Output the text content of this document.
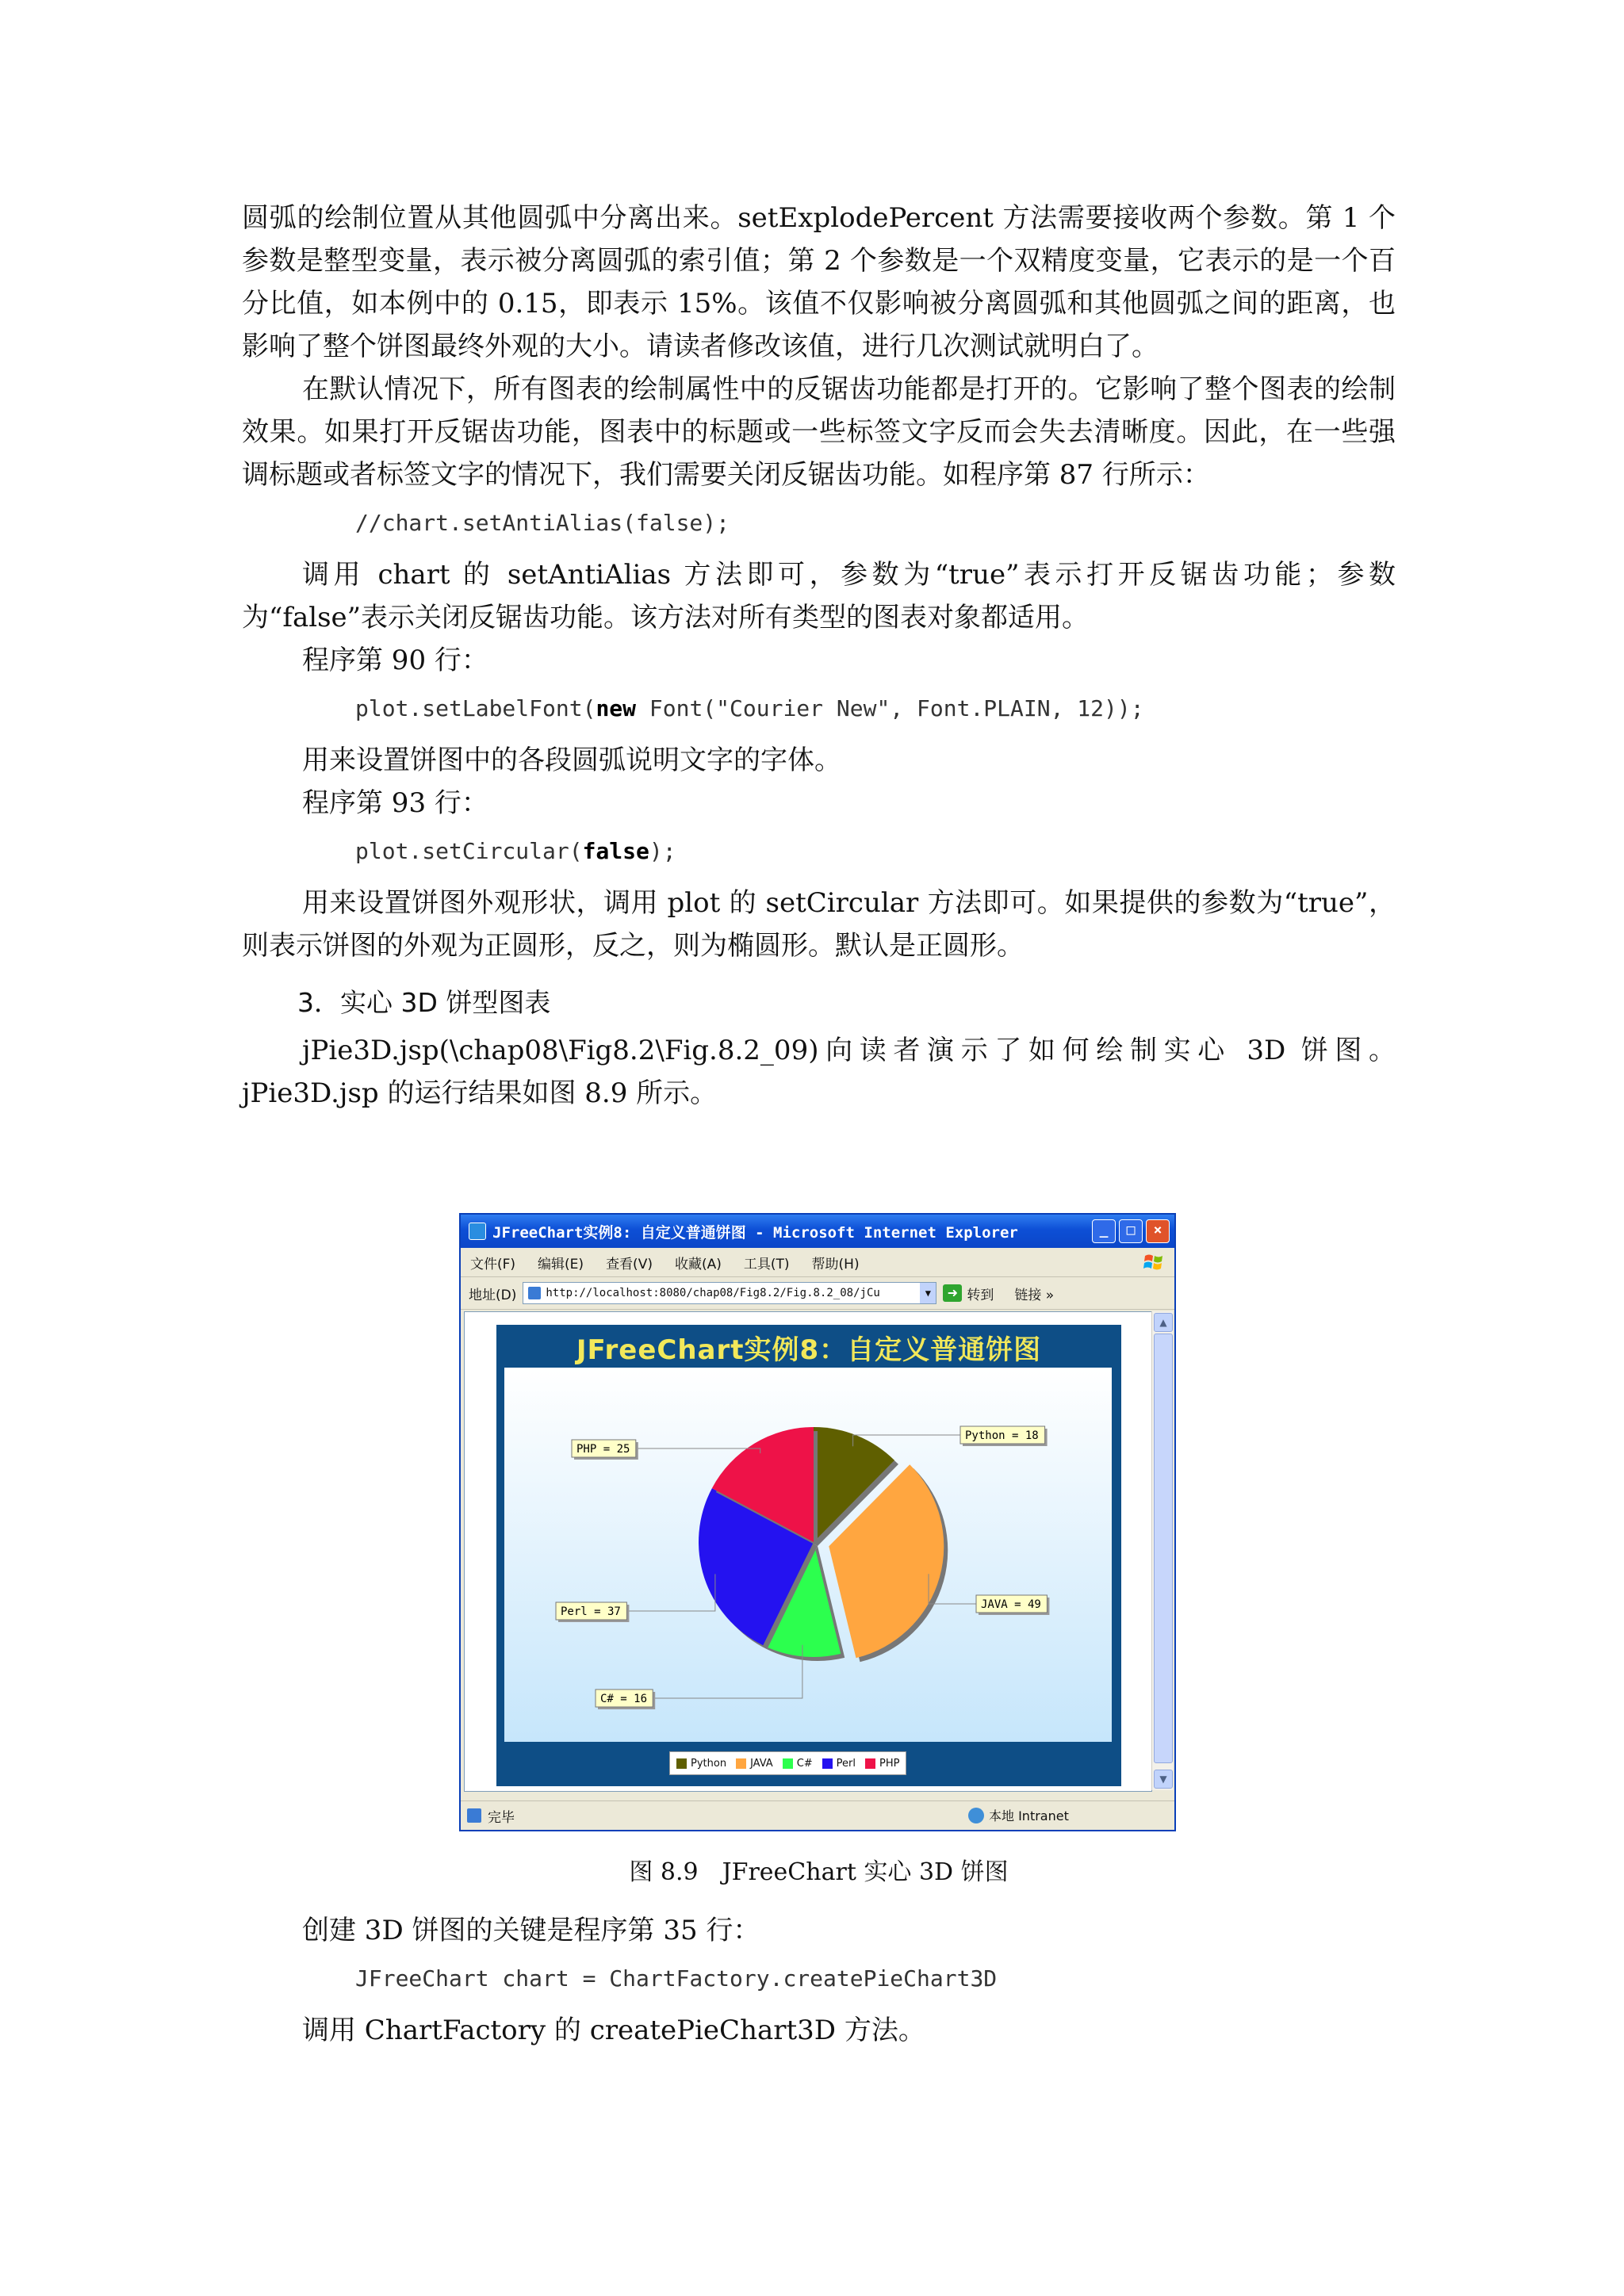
圆弧的绘制位置从其他圆弧中分离出来。setExplodePercent 方法需要接收两个参数。第 1 个参数是整型变量，表示被分离圆弧的索引值；第 2 个参数是一个双精度变量，它表示的是一个百分比值，如本例中的 0.15，即表示 15%。该值不仅影响被分离圆弧和其他圆弧之间的距离，也影响了整个饼图最终外观的大小。请读者修改该值，进行几次测试就明白了。

在默认情况下，所有图表的绘制属性中的反锯齿功能都是打开的。它影响了整个图表的绘制效果。如果打开反锯齿功能，图表中的标题或一些标签文字反而会失去清晰度。因此，在一些强调标题或者标签文字的情况下，我们需要关闭反锯齿功能。如程序第 87 行所示：

//chart.setAntiAlias(false);

调用 chart 的 setAntiAlias 方法即可，参数为“true”表示打开反锯齿功能；参数为“false”表示关闭反锯齿功能。该方法对所有类型的图表对象都适用。

程序第 90 行：

plot.setLabelFont(new Font("Courier New", Font.PLAIN, 12));

用来设置饼图中的各段圆弧说明文字的字体。

程序第 93 行：

plot.setCircular(false);

用来设置饼图外观形状，调用 plot 的 setCircular 方法即可。如果提供的参数为“true”，则表示饼图的外观为正圆形，反之，则为椭圆形。默认是正圆形。

3．实心 3D 饼型图表

jPie3D.jsp(\chap08\Fig8.2\Fig.8.2_09)向读者演示了如何绘制实心 3D 饼图。jPie3D.jsp 的运行结果如图 8.9 所示。

JFreeChart实例8: 自定义普通饼图 - Microsoft Internet Explorer	_	□	×
文件(F) 编辑(E) 查看(V) 收藏(A) 工具(T) 帮助(H)
地址(D)	http://localhost:8080/chap08/Fig8.2/Fig.8.2_08/jCu	▼	➜ 转到 链接 »
JFreeChart实例8：自定义普通饼图
Python = 18
JAVA = 49
C# = 16
Perl = 37
PHP = 25
Python JAVA C# Perl PHP
▲
▼
完毕	本地 Intranet
图 8.9　JFreeChart 实心 3D 饼图

创建 3D 饼图的关键是程序第 35 行：

JFreeChart chart = ChartFactory.createPieChart3D

调用 ChartFactory 的 createPieChart3D 方法。
